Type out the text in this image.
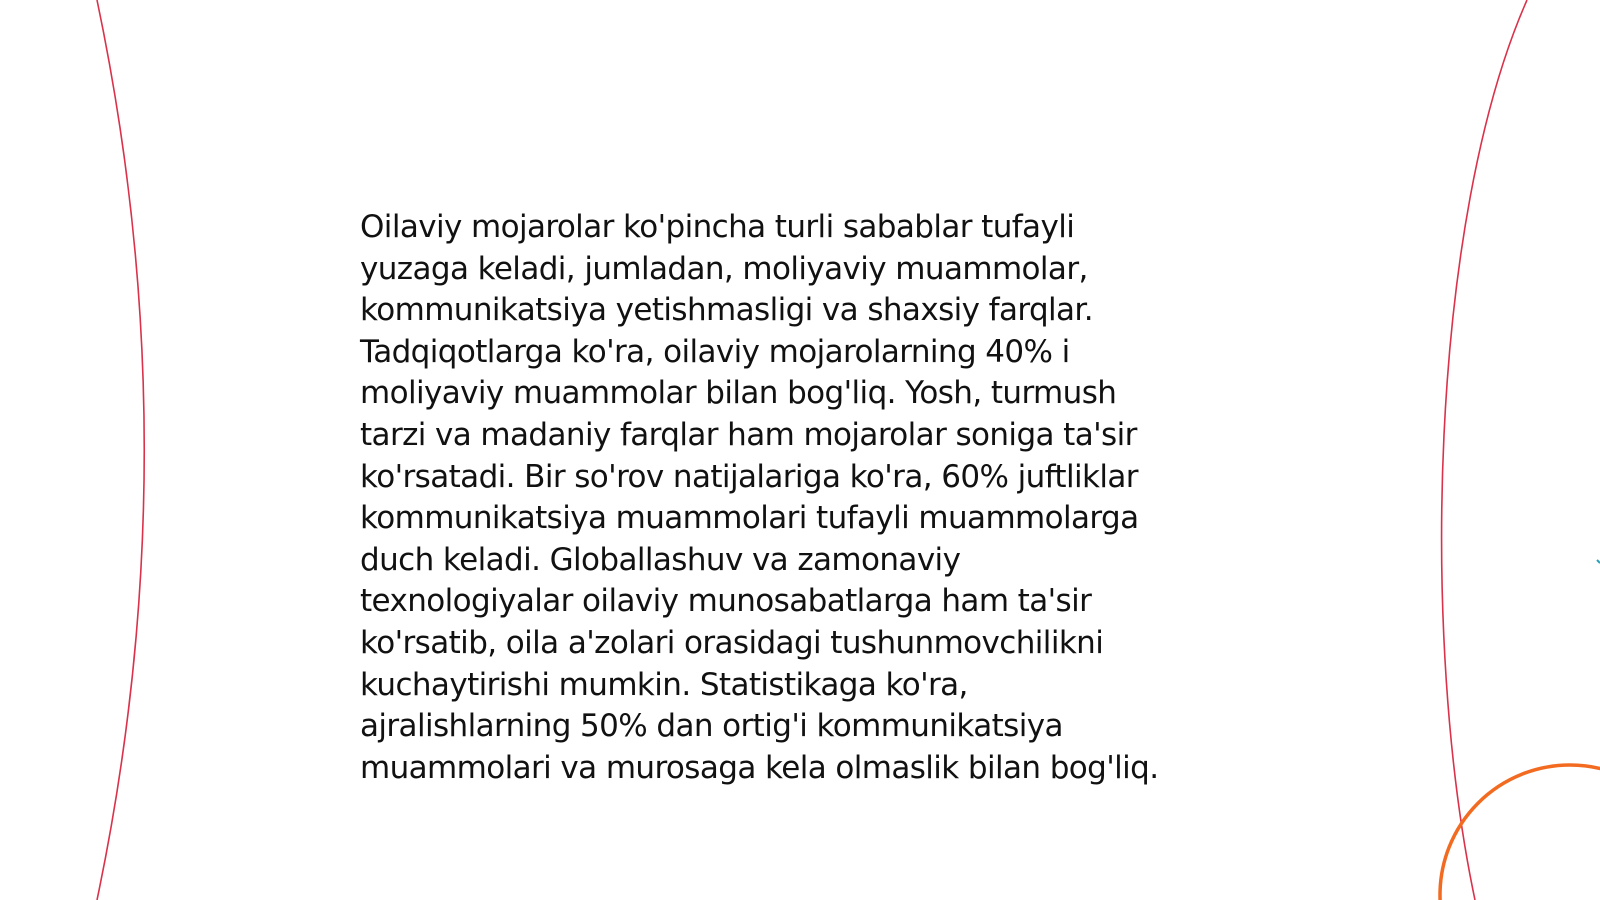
Oilaviy mojarolar ko'pincha turli sabablar tufayli
yuzaga keladi, jumladan, moliyaviy muammolar,
kommunikatsiya yetishmasligi va shaxsiy farqlar.
Tadqiqotlarga ko'ra, oilaviy mojarolarning 40% i
moliyaviy muammolar bilan bog'liq. Yosh, turmush
tarzi va madaniy farqlar ham mojarolar soniga ta'sir
ko'rsatadi. Bir so'rov natijalariga ko'ra, 60% juftliklar
kommunikatsiya muammolari tufayli muammolarga
duch keladi. Globallashuv va zamonaviy
texnologiyalar oilaviy munosabatlarga ham ta'sir
ko'rsatib, oila a'zolari orasidagi tushunmovchilikni
kuchaytirishi mumkin. Statistikaga ko'ra,
ajralishlarning 50% dan ortig'i kommunikatsiya
muammolari va murosaga kela olmaslik bilan bog'liq.
